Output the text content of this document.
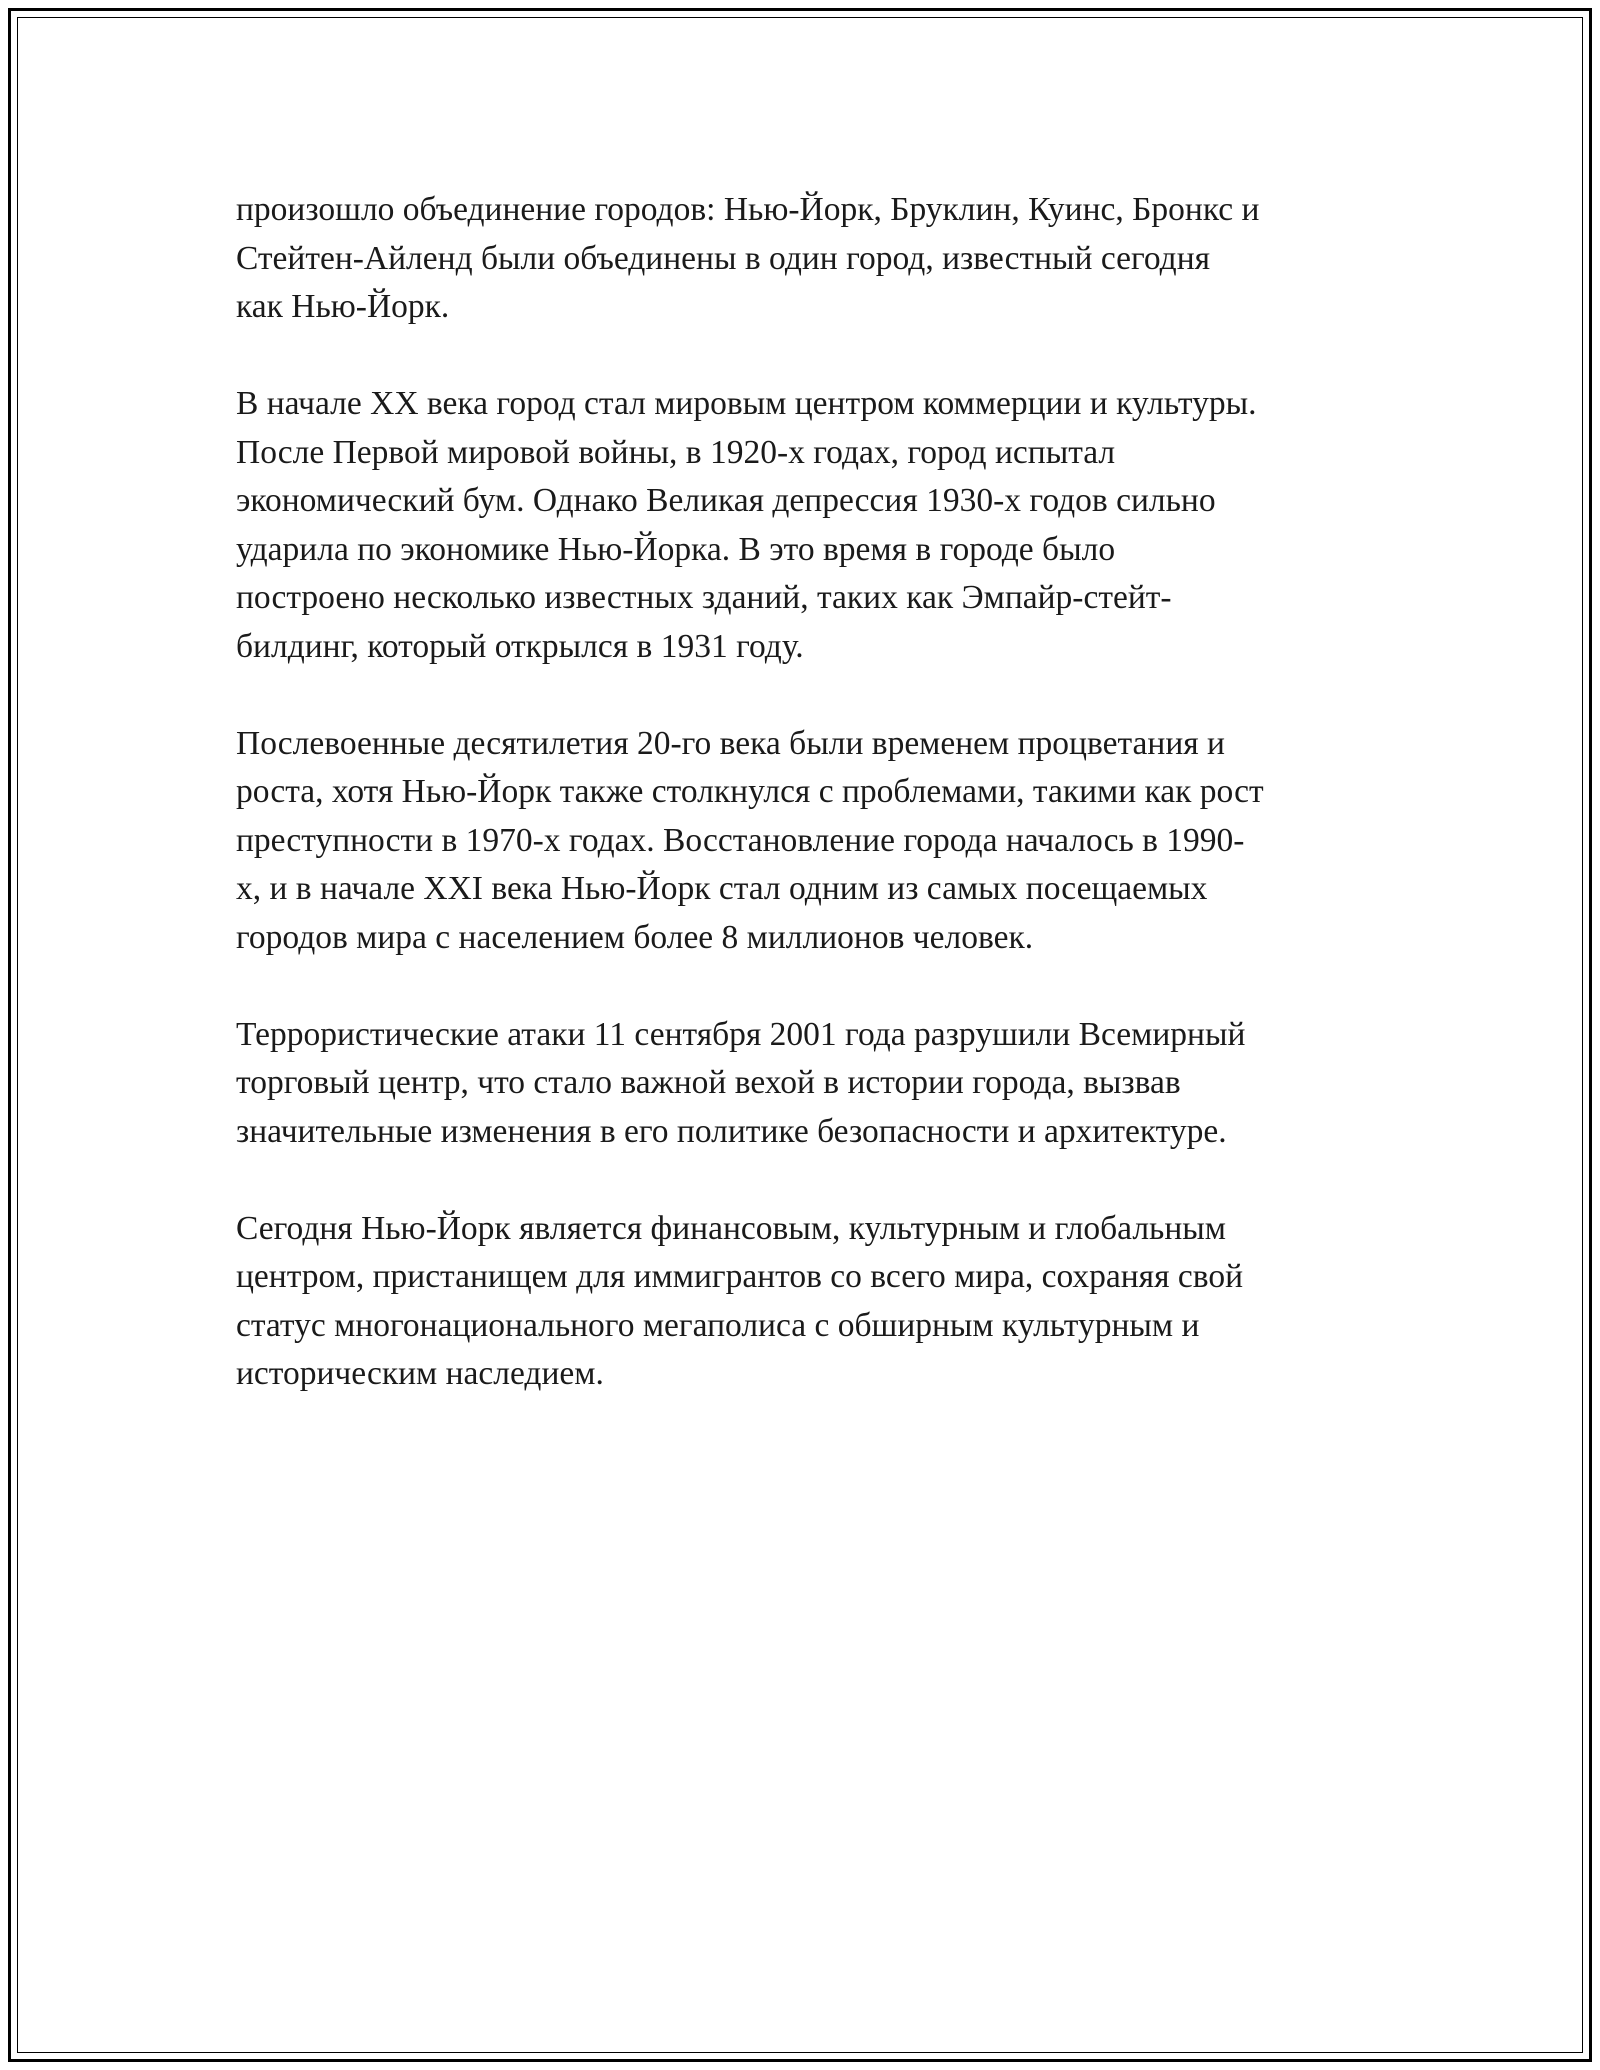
произошло объединение городов: Нью-Йорк, Бруклин, Куинс, Бронкс и
Стейтен-Айленд были объединены в один город, известный сегодня
как Нью-Йорк.

В начале XX века город стал мировым центром коммерции и культуры.
После Первой мировой войны, в 1920-х годах, город испытал
экономический бум. Однако Великая депрессия 1930-х годов сильно
ударила по экономике Нью-Йорка. В это время в городе было
построено несколько известных зданий, таких как Эмпайр-стейт-
билдинг, который открылся в 1931 году.

Послевоенные десятилетия 20-го века были временем процветания и
роста, хотя Нью-Йорк также столкнулся с проблемами, такими как рост
преступности в 1970-х годах. Восстановление города началось в 1990-
х, и в начале XXI века Нью-Йорк стал одним из самых посещаемых
городов мира с населением более 8 миллионов человек.

Террористические атаки 11 сентября 2001 года разрушили Всемирный
торговый центр, что стало важной вехой в истории города, вызвав
значительные изменения в его политике безопасности и архитектуре.

Сегодня Нью-Йорк является финансовым, культурным и глобальным
центром, пристанищем для иммигрантов со всего мира, сохраняя свой
статус многонационального мегаполиса с обширным культурным и
историческим наследием.
